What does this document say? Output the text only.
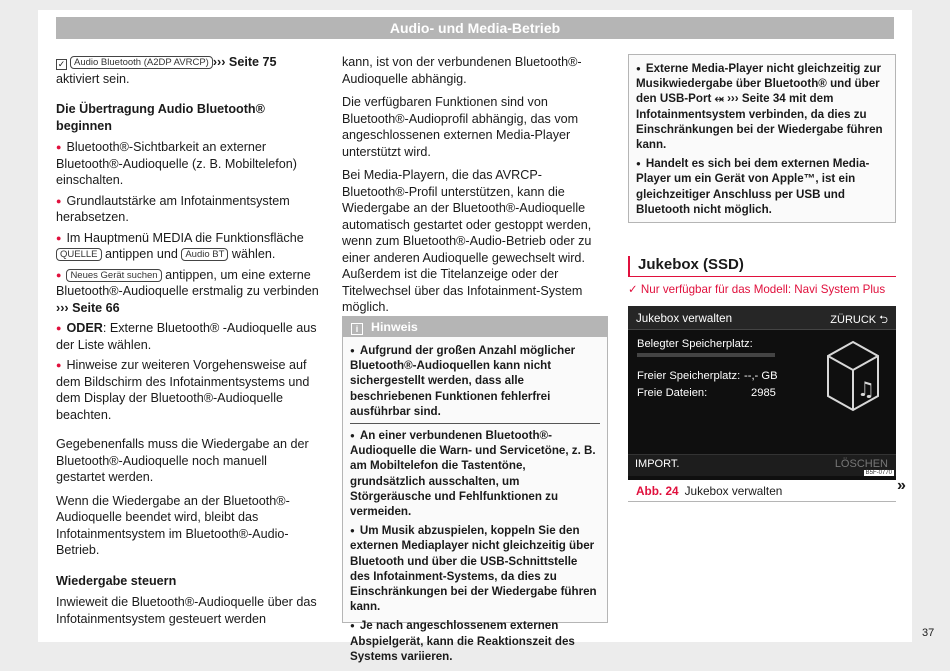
Audio- und Media-Betrieb

✓ Audio Bluetooth (A2DP AVRCP) ››› Seite 75 aktiviert sein.

Die Übertragung Audio Bluetooth® beginnen
● Bluetooth®-Sichtbarkeit an externer Bluetooth®-Audioquelle (z. B. Mobiltelefon) einschalten.
● Grundlautstärke am Infotainmentsystem herabsetzen.
● Im Hauptmenü MEDIA die Funktionsfläche QUELLE antippen und Audio BT wählen.
● Neues Gerät suchen antippen, um eine externe Bluetooth®-Audioquelle erstmalig zu verbinden ››› Seite 66
● ODER: Externe Bluetooth® -Audioquelle aus der Liste wählen.
● Hinweise zur weiteren Vorgehensweise auf dem Bildschirm des Infotainmentsystems und dem Display der Bluetooth®-Audioquelle beachten.

Gegebenenfalls muss die Wiedergabe an der Bluetooth®-Audioquelle noch manuell gestartet werden.

Wenn die Wiedergabe an der Bluetooth®-Audioquelle beendet wird, bleibt das Infotainmentsystem im Bluetooth®-Audio-Betrieb.

Wiedergabe steuern

Inwieweit die Bluetooth®-Audioquelle über das Infotainmentsystem gesteuert werden

kann, ist von der verbundenen Bluetooth®-Audioquelle abhängig.

Die verfügbaren Funktionen sind von Bluetooth®-Audioprofil abhängig, das vom angeschlossenen externen Media-Player unterstützt wird.

Bei Media-Playern, die das AVRCP-Bluetooth®-Profil unterstützen, kann die Wiedergabe an der Bluetooth®-Audioquelle automatisch gestartet oder gestoppt werden, wenn zum Bluetooth®-Audio-Betrieb oder zu einer anderen Audioquelle gewechselt wird. Außerdem ist die Titelanzeige oder der Titelwechsel über das Infotainment-System möglich.

i Hinweis
● Aufgrund der großen Anzahl möglicher Bluetooth®-Audioquellen kann nicht sichergestellt werden, dass alle beschriebenen Funktionen fehlerfrei ausführbar sind.
● An einer verbundenen Bluetooth®-Audioquelle die Warn- und Servicetöne, z. B. am Mobiltelefon die Tastentöne, grundsätzlich ausschalten, um Störgeräusche und Fehlfunktionen zu vermeiden.
● Um Musik abzuspielen, koppeln Sie den externen Mediaplayer nicht gleichzeitig über Bluetooth und über die USB-Schnittstelle des Infotainment-Systems, da dies zu Einschränkungen bei der Wiedergabe führen kann.
● Je nach angeschlossenem externen Abspielgerät, kann die Reaktionszeit des Systems variieren.
● Externe Media-Player nicht gleichzeitig zur Musikwiedergabe über Bluetooth® und über den USB-Port ⬾ ››› Seite 34 mit dem Infotainmentsystem verbinden, da dies zu Einschränkungen bei der Wiedergabe führen kann.
● Handelt es sich bei dem externen Media-Player um ein Gerät von Apple™, ist ein gleichzeitiger Anschluss per USB und Bluetooth nicht möglich.
Jukebox (SSD)
✓ Nur verfügbar für das Modell: Navi System Plus
Jukebox verwalten	ZÜRUCK ⮌
Belegter Speicherplatz:
Freier Speicherplatz: --,- GB
Freie Dateien:	2985	♫
IMPORT.	LÖSCHEN
B5F-0770
Abb. 24 Jukebox verwalten	»
37
